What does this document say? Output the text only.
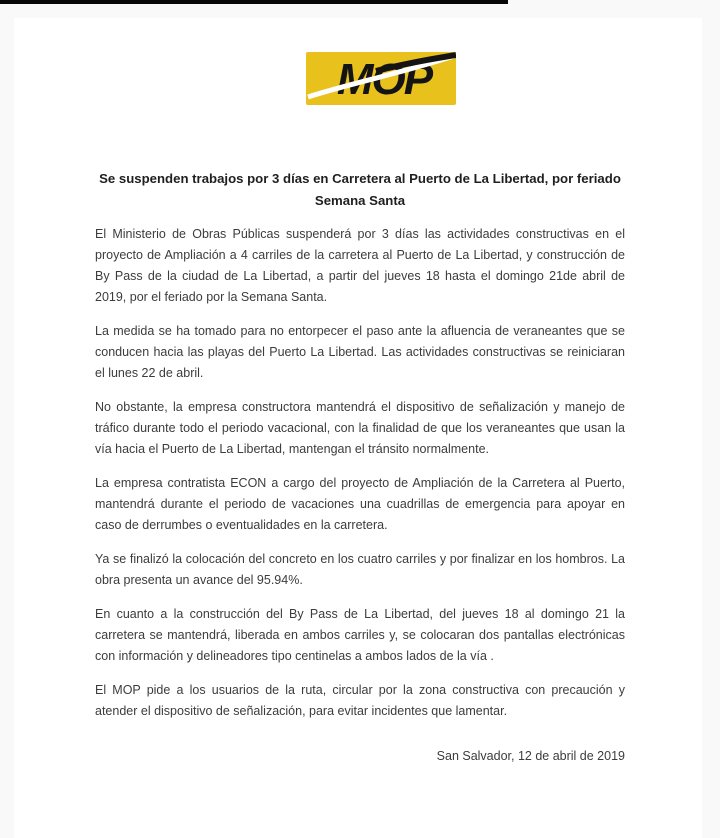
MOP
Se suspenden trabajos por 3 días en Carretera al Puerto de La Libertad, por feriado Semana Santa

El Ministerio de Obras Públicas suspenderá por 3 días las actividades constructivas en el proyecto de Ampliación a 4 carriles de la carretera al Puerto de La Libertad, y construcción de By Pass de la ciudad de La Libertad, a partir del jueves 18 hasta el domingo 21de abril de 2019, por el feriado por la Semana Santa.

La medida se ha tomado para no entorpecer el paso ante la afluencia de veraneantes que se conducen hacia las playas del Puerto La Libertad. Las actividades constructivas se reiniciaran el lunes 22 de abril.

No obstante, la empresa constructora mantendrá el dispositivo de señalización y manejo de tráfico durante todo el periodo vacacional, con la finalidad de que los veraneantes que usan la vía hacia el Puerto de La Libertad, mantengan el tránsito normalmente.

La empresa contratista ECON a cargo del proyecto de Ampliación de la Carretera al Puerto, mantendrá durante el periodo de vacaciones una cuadrillas de emergencia para apoyar en caso de derrumbes o eventualidades en la carretera.

Ya se finalizó la colocación del concreto en los cuatro carriles y por finalizar en los hombros. La obra presenta un avance del 95.94%.

En cuanto a la construcción del By Pass de La Libertad, del jueves 18 al domingo 21 la carretera se mantendrá, liberada en ambos carriles y, se colocaran dos pantallas electrónicas con información y delineadores tipo centinelas a ambos lados de la vía .

El MOP pide a los usuarios de la ruta, circular por la zona constructiva con precaución y atender el dispositivo de señalización, para evitar incidentes que lamentar.

San Salvador, 12 de abril de 2019
